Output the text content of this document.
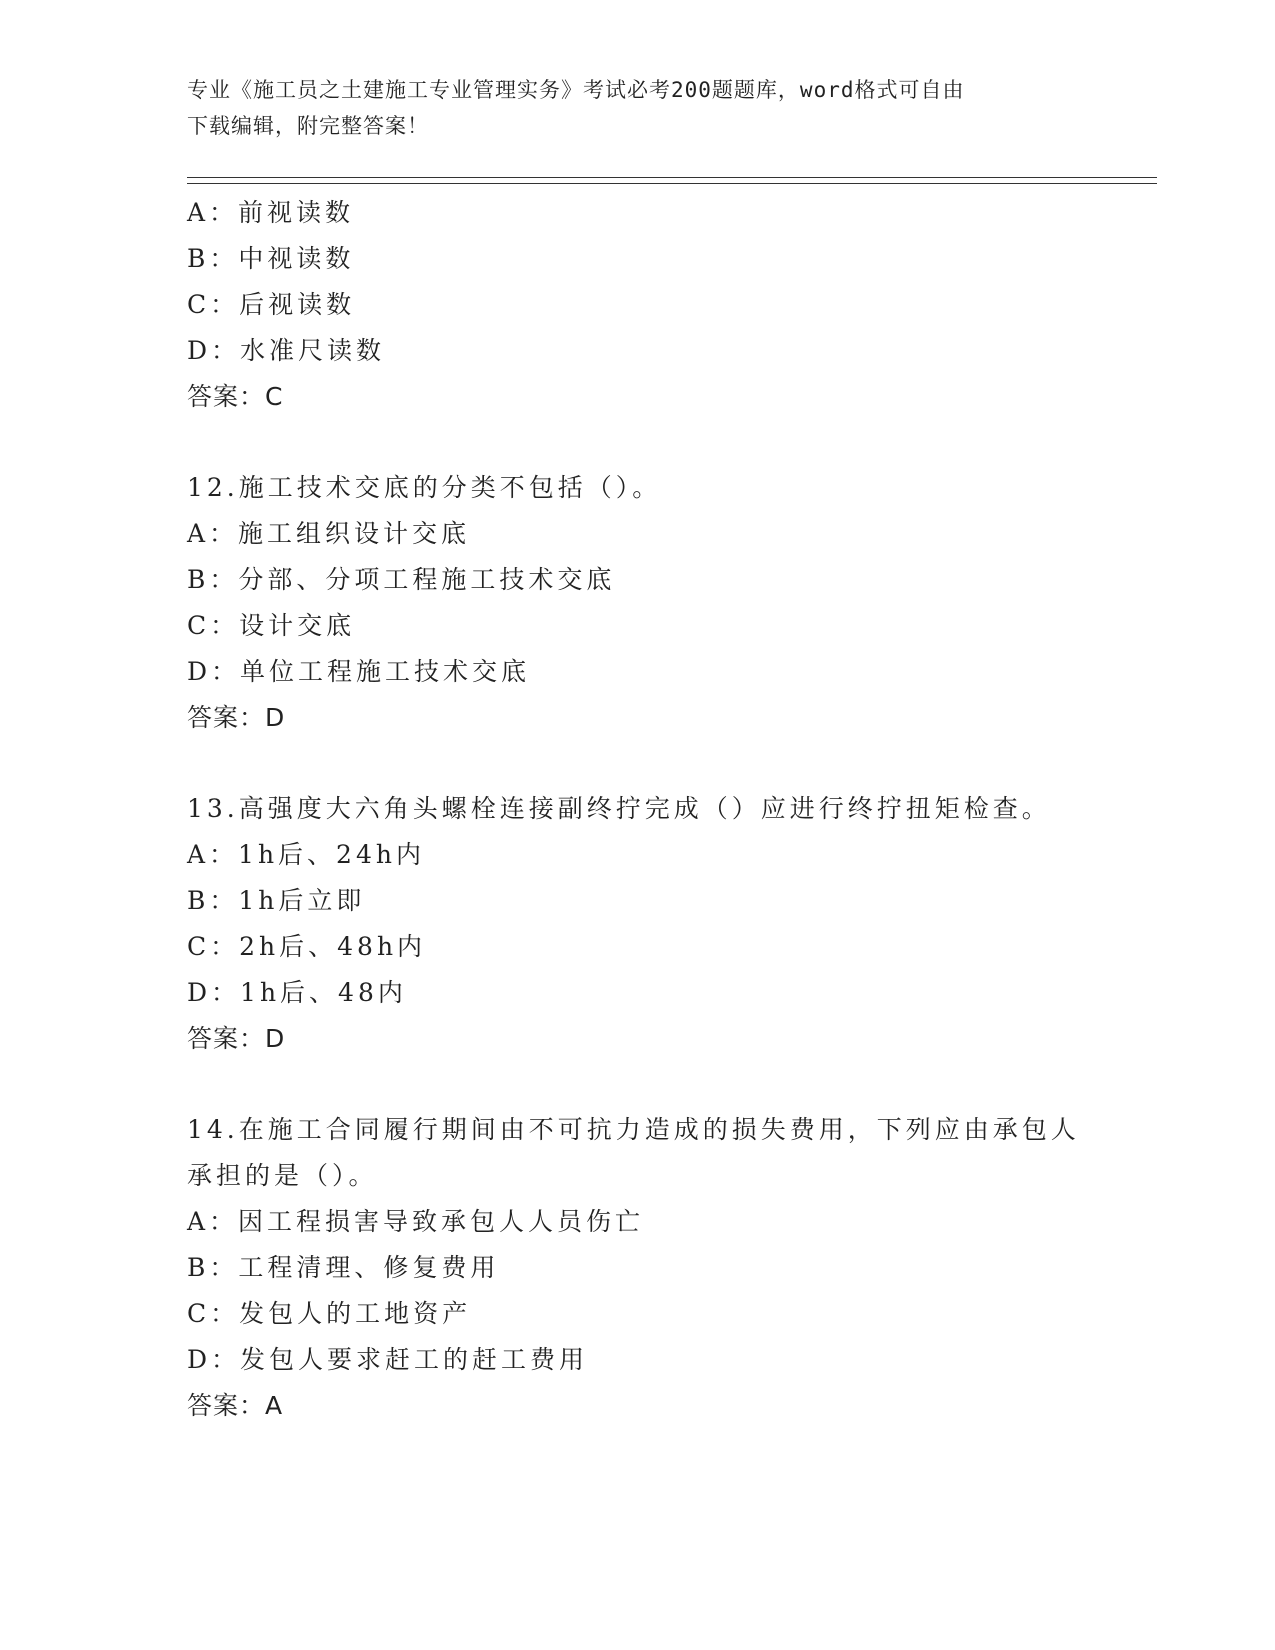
专业《施工员之土建施工专业管理实务》考试必考200题题库，word格式可自由
下载编辑，附完整答案！
A：前视读数
B：中视读数
C：后视读数
D：水准尺读数
答案：C
12.施工技术交底的分类不包括（）。
A：施工组织设计交底
B：分部、分项工程施工技术交底
C：设计交底
D：单位工程施工技术交底
答案：D
13.高强度大六角头螺栓连接副终拧完成（）应进行终拧扭矩检查。
A：1h后、24h内
B：1h后立即
C：2h后、48h内
D：1h后、48内
答案：D
14.在施工合同履行期间由不可抗力造成的损失费用，下列应由承包人
承担的是（）。
A：因工程损害导致承包人人员伤亡
B：工程清理、修复费用
C：发包人的工地资产
D：发包人要求赶工的赶工费用
答案：A
